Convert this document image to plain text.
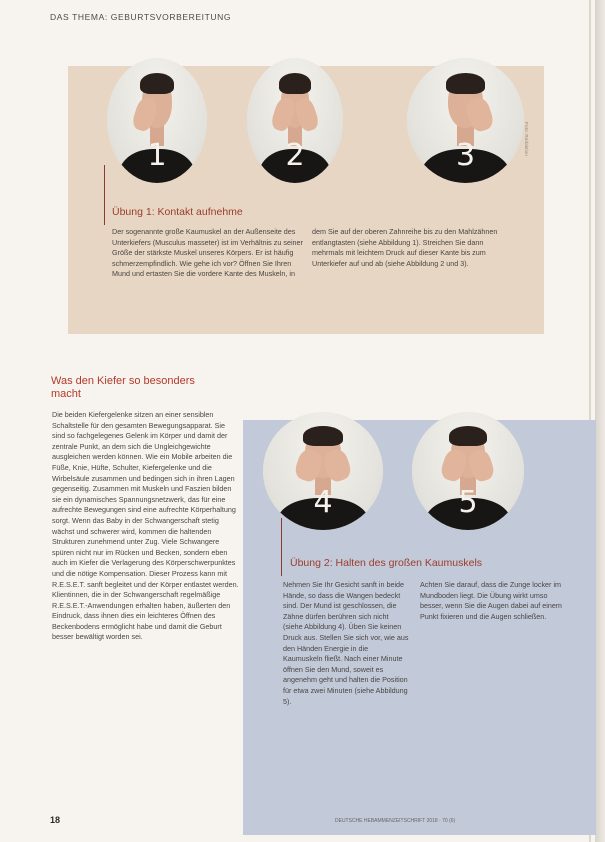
DAS THEMA: GEBURTSVORBEREITUNG
1	2	3	Foto: Redaktion
Übung 1: Kontakt aufnehme
Der sogenannte große Kaumuskel an der Außenseite des Unterkiefers (Musculus masseter) ist im Verhältnis zu seiner Größe der stärkste Muskel unseres Körpers. Er ist häufig schmerzempfindlich. Wie gehe ich vor? Öffnen Sie Ihren Mund und ertasten Sie die vordere Kante des Muskeln, in
dem Sie auf der oberen Zahnreihe bis zu den Mahlzähnen entlangtasten (siehe Abbildung 1). Streichen Sie dann mehrmals mit leichtem Druck auf dieser Kante bis zum Unterkiefer auf und ab (siehe Abbildung 2 und 3).
Was den Kiefer so besonders macht
Die beiden Kiefergelenke sitzen an einer sensiblen Schaltstelle für den gesamten Bewegungsapparat. Sie sind so fachgelegenes Gelenk im Körper und damit der zentrale Punkt, an dem sich die Ungleichgewichte ausgleichen werden können. Wie ein Mobile arbeiten die Füße, Knie, Hüfte, Schulter, Kiefergelenke und die Wirbelsäule zusammen und bedingen sich in ihren Lagen gegenseitig. Zusammen mit Muskeln und Faszien bilden sie ein dynamisches Spannungsnetzwerk, das für eine aufrechte Bewegungen sind eine aufrechte Körperhaltung sorgt. Wenn das Baby in der Schwangerschaft stetig wächst und schwerer wird, kommen die haltenden Strukturen zunehmend unter Zug. Viele Schwangere spüren nicht nur im Rücken und Becken, sondern eben auch im Kiefer die Verlagerung des Körperschwerpunktes und die nötige Kompensation. Dieser Prozess kann mit R.E.S.E.T. sanft begleitet und der Körper entlastet werden. Klientinnen, die in der Schwangerschaft regelmäßige R.E.S.E.T.-Anwendungen erhalten haben, äußerten den Eindruck, dass ihnen dies ein leichteres Öffnen des Beckenbodens ermöglicht habe und damit die Geburt besser bewältigt worden sei.
4	5
Übung 2: Halten des großen Kaumuskels
Nehmen Sie Ihr Gesicht sanft in beide Hände, so dass die Wangen bedeckt sind. Der Mund ist geschlossen, die Zähne dürfen berühren sich nicht (siehe Abbildung 4). Üben Sie keinen Druck aus. Stellen Sie sich vor, wie aus den Händen Energie in die Kaumuskeln fließt. Nach einer Minute öffnen Sie den Mund, soweit es angenehm geht und halten die Position für etwa zwei Minuten (siehe Abbildung 5).
Achten Sie darauf, dass die Zunge locker im Mundboden liegt. Die Übung wirkt umso besser, wenn Sie die Augen dabei auf einem Punkt fixieren und die Augen schließen.
18	DEUTSCHE HEBAMMENZEITSCHRIFT 2018 · 70 (6)
